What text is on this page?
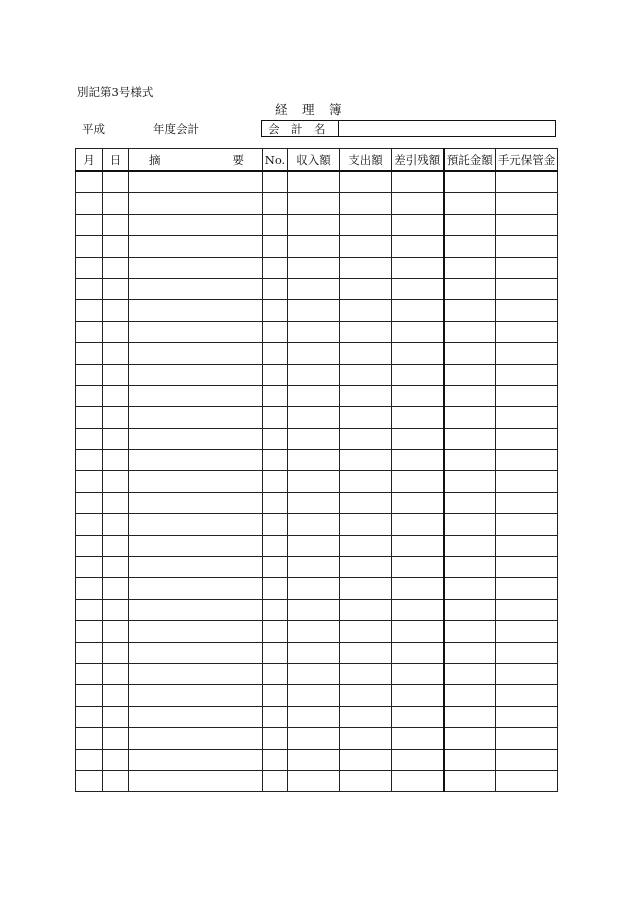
別記第3号様式
経　理　簿
平成	年度会計	会　計　名
月	日	摘 要	No.	収入額	支出額	差引残額	預託金額	手元保管金
